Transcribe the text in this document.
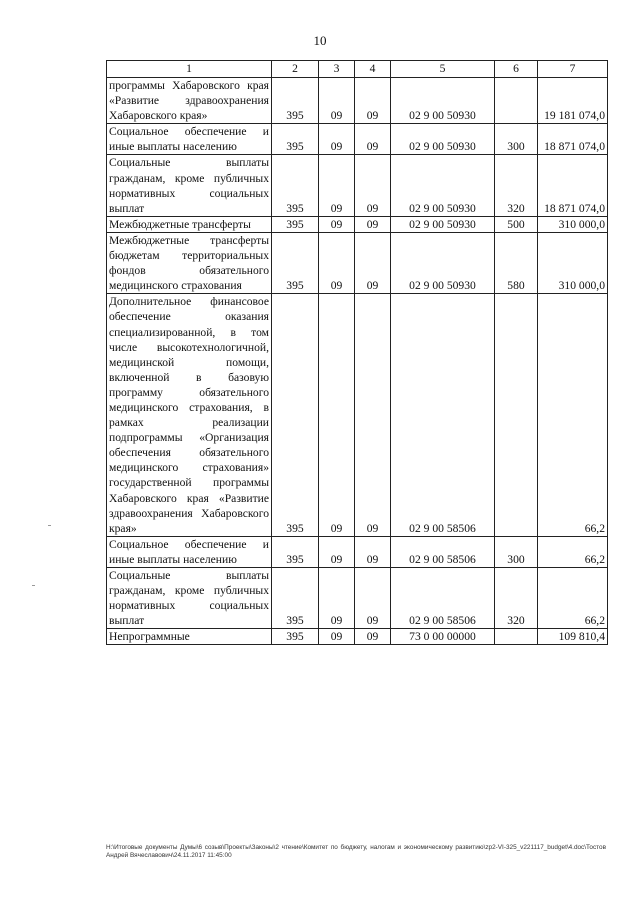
10
1	2	3	4	5	6	7
программы Хабаровского края «Развитие здравоохранения Хабаровского края»	395	09	09	02 9 00 50930		19 181 074,0
Социальное обеспечение и иные выплаты населению	395	09	09	02 9 00 50930	300	18 871 074,0
Социальные выплаты гражданам, кроме публичных нормативных социальных выплат	395	09	09	02 9 00 50930	320	18 871 074,0
Межбюджетные трансферты	395	09	09	02 9 00 50930	500	310 000,0
Межбюджетные трансферты бюджетам территориальных фондов обязательного медицинского страхования	395	09	09	02 9 00 50930	580	310 000,0
Дополнительное финансовое обеспечение оказания специализированной, в том числе высокотехнологичной, медицинской помощи, включенной в базовую программу обязательного медицинского страхования, в рамках реализации подпрограммы «Организация обеспечения обязательного медицинского страхования» государственной программы Хабаровского края «Развитие здравоохранения Хабаровского края»	395	09	09	02 9 00 58506		66,2
Социальное обеспечение и иные выплаты населению	395	09	09	02 9 00 58506	300	66,2
Социальные выплаты гражданам, кроме публичных нормативных социальных выплат	395	09	09	02 9 00 58506	320	66,2
Непрограммные	395	09	09	73 0 00 00000		109 810,4
H:\Итоговые документы Думы\6 созыв\Проекты\Законы\2 чтение\Комитет по бюджету, налогам и экономическому развитию\zp2-VI-325_v221117_budget\4.doc\Тостов Андрей Вячеславович\24.11.2017 11:45:00
